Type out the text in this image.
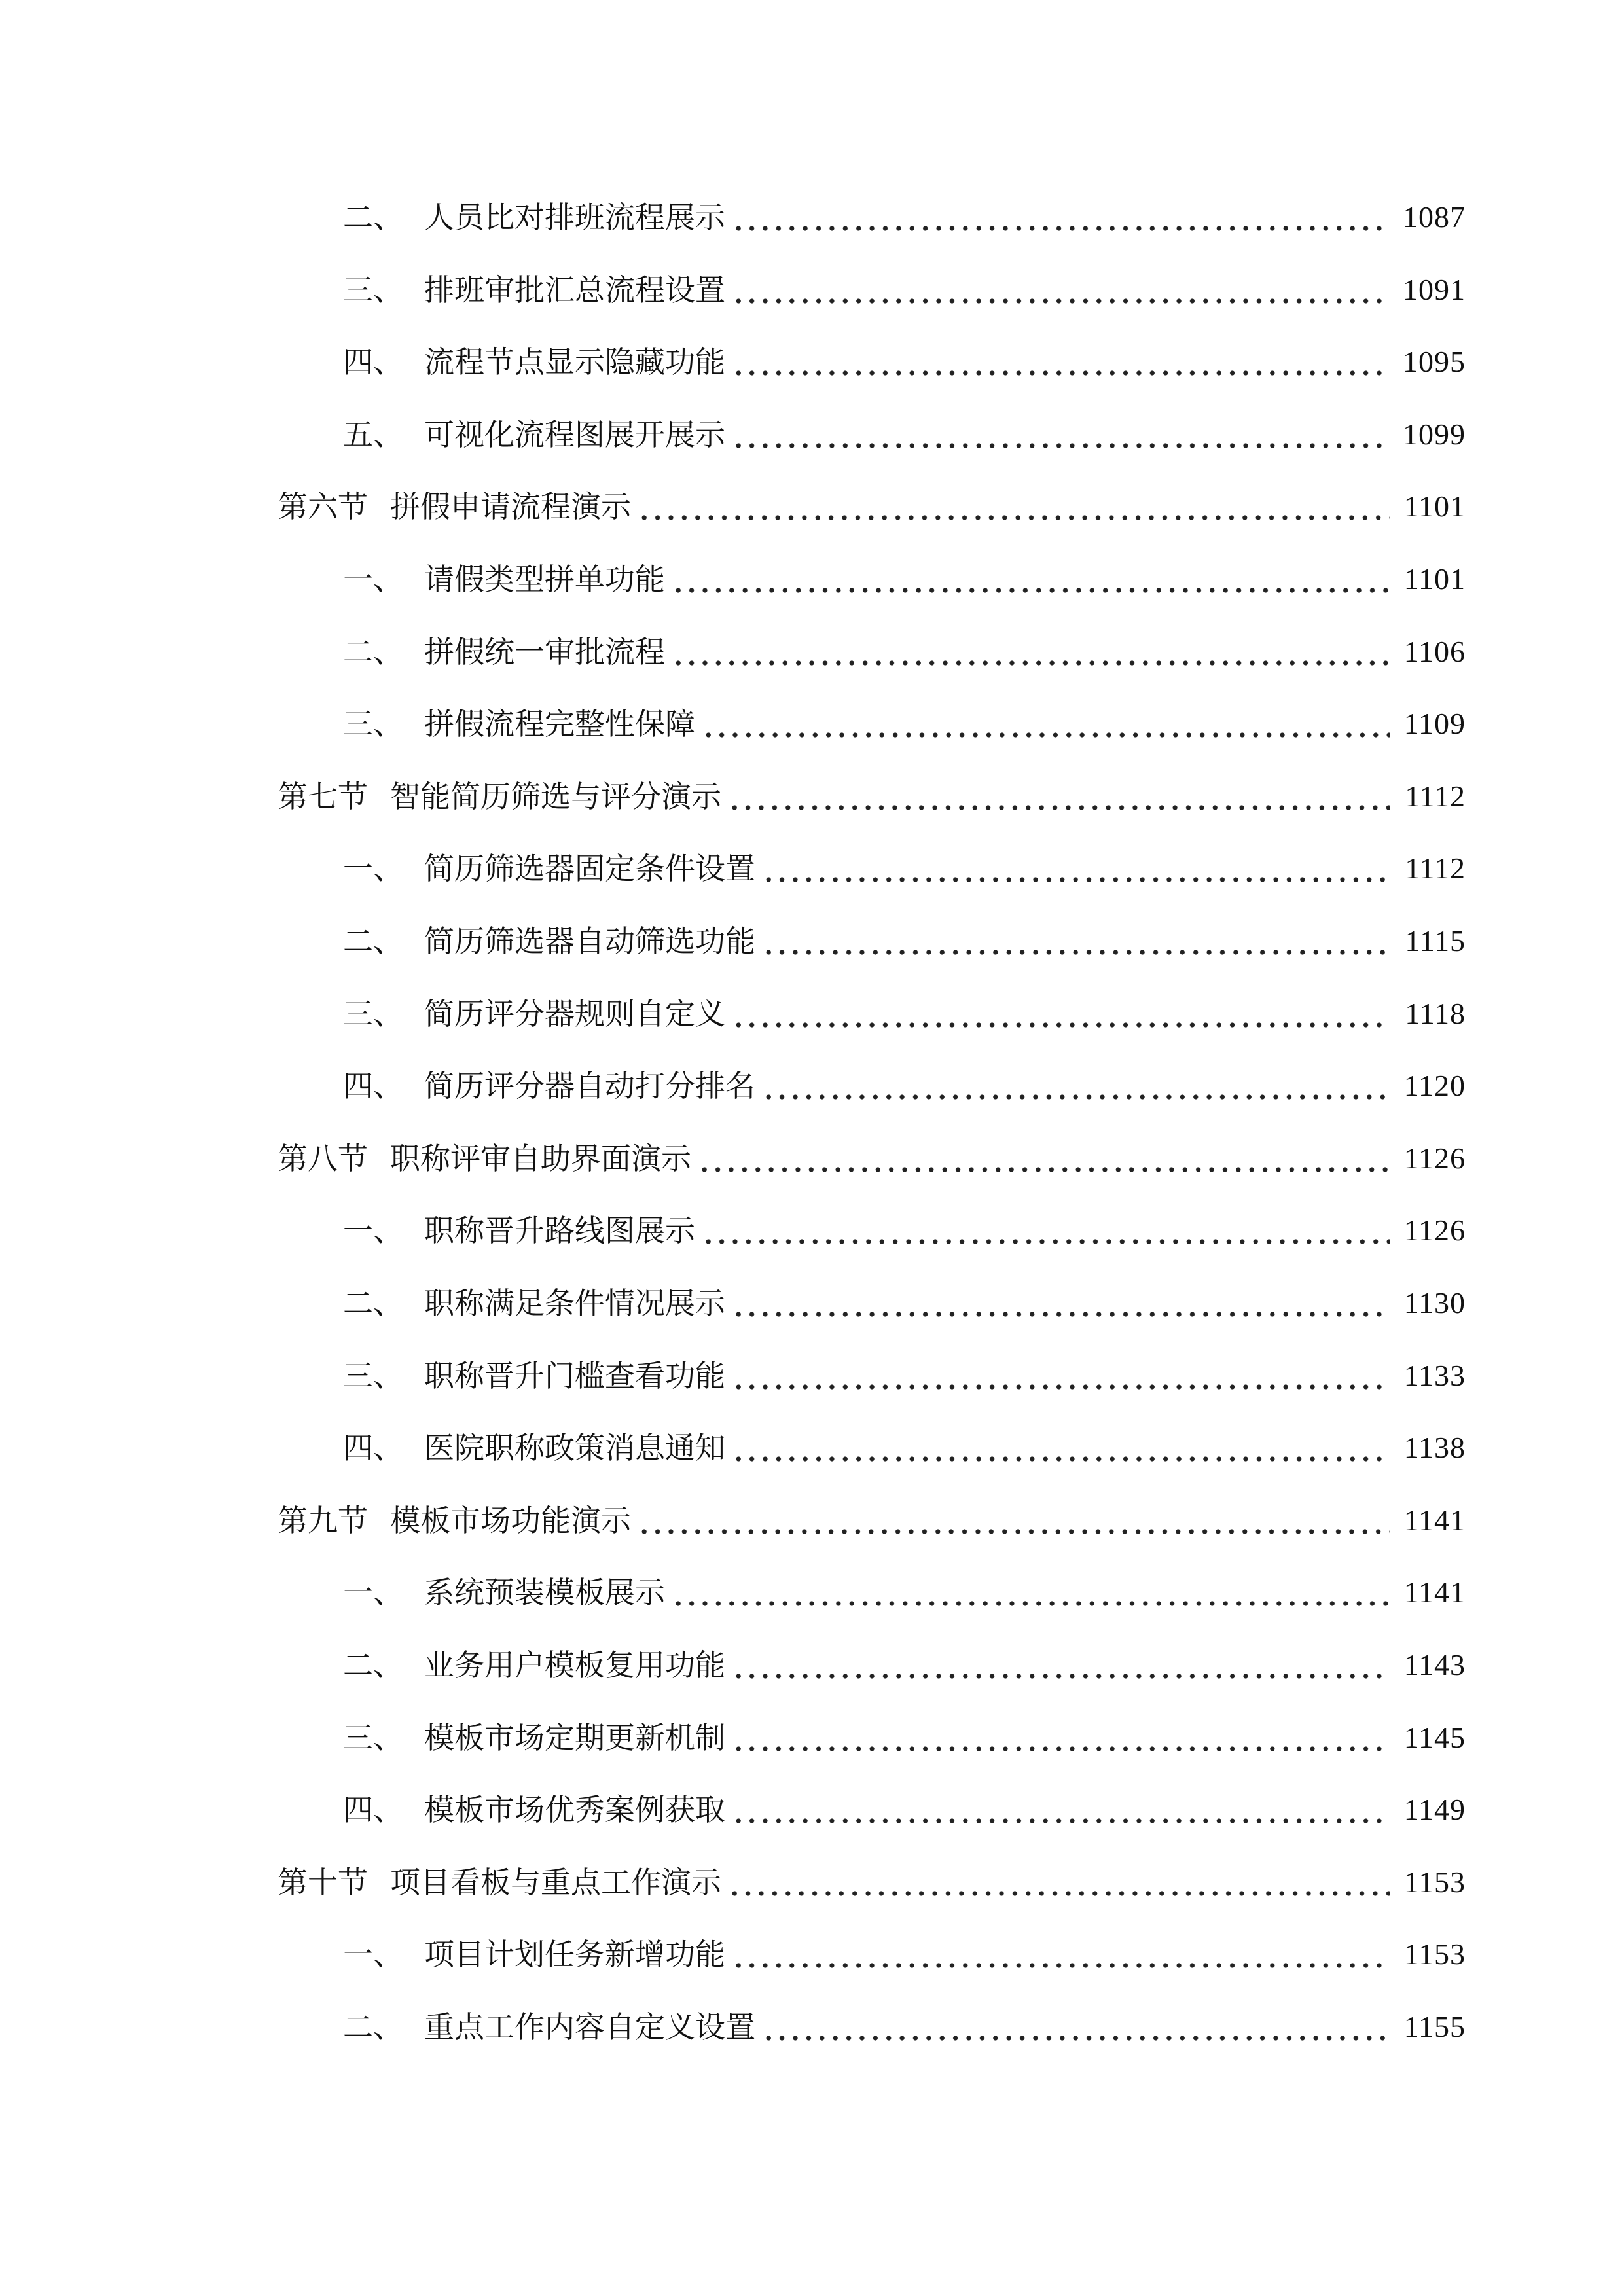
二、 人员比对排班流程展示	1087
三、 排班审批汇总流程设置	1091
四、 流程节点显示隐藏功能	1095
五、 可视化流程图展开展示	1099
第六节 拼假申请流程演示	1101
一、 请假类型拼单功能	1101
二、 拼假统一审批流程	1106
三、 拼假流程完整性保障	1109
第七节 智能简历筛选与评分演示	1112
一、 简历筛选器固定条件设置	1112
二、 简历筛选器自动筛选功能	1115
三、 简历评分器规则自定义	1118
四、 简历评分器自动打分排名	1120
第八节 职称评审自助界面演示	1126
一、 职称晋升路线图展示	1126
二、 职称满足条件情况展示	1130
三、 职称晋升门槛查看功能	1133
四、 医院职称政策消息通知	1138
第九节 模板市场功能演示	1141
一、 系统预装模板展示	1141
二、 业务用户模板复用功能	1143
三、 模板市场定期更新机制	1145
四、 模板市场优秀案例获取	1149
第十节 项目看板与重点工作演示	1153
一、 项目计划任务新增功能	1153
二、 重点工作内容自定义设置	1155
